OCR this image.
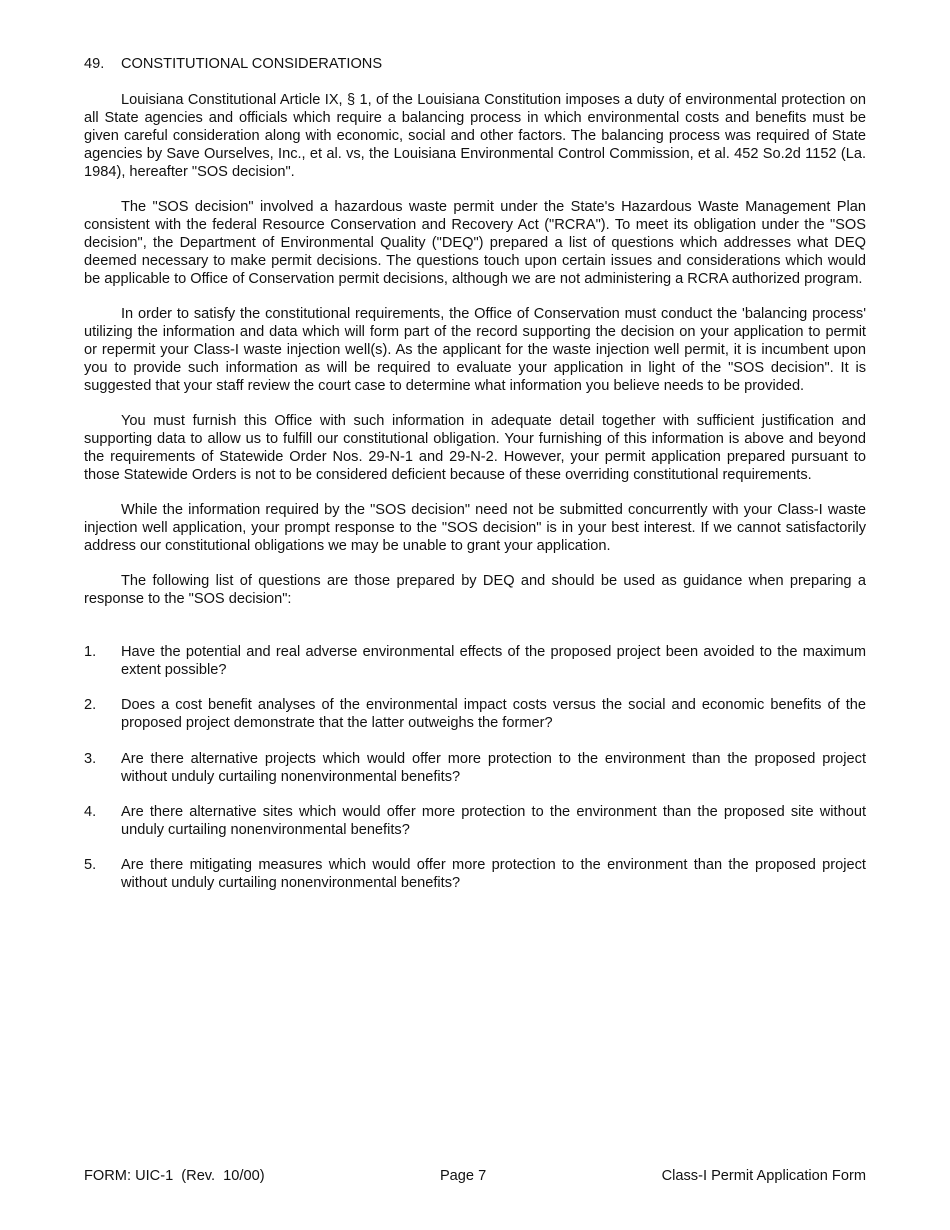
49.	CONSTITUTIONAL CONSIDERATIONS

Louisiana Constitutional Article IX, § 1, of the Louisiana Constitution imposes a duty of environmental protection on all State agencies and officials which require a balancing process in which environmental costs and benefits must be given careful consideration along with economic, social and other factors. The balancing process was required of State agencies by Save Ourselves, Inc., et al. vs, the Louisiana Environmental Control Commission, et al. 452 So.2d 1152 (La. 1984), hereafter "SOS decision".

The "SOS decision" involved a hazardous waste permit under the State's Hazardous Waste Management Plan consistent with the federal Resource Conservation and Recovery Act ("RCRA"). To meet its obligation under the "SOS decision", the Department of Environmental Quality ("DEQ") prepared a list of questions which addresses what DEQ deemed necessary to make permit decisions. The questions touch upon certain issues and considerations which would be applicable to Office of Conservation permit decisions, although we are not administering a RCRA authorized program.

In order to satisfy the constitutional requirements, the Office of Conservation must conduct the 'balancing process' utilizing the information and data which will form part of the record supporting the decision on your application to permit or repermit your Class-I waste injection well(s). As the applicant for the waste injection well permit, it is incumbent upon you to provide such information as will be required to evaluate your application in light of the "SOS decision". It is suggested that your staff review the court case to determine what information you believe needs to be provided.

You must furnish this Office with such information in adequate detail together with sufficient justification and supporting data to allow us to fulfill our constitutional obligation. Your furnishing of this information is above and beyond the requirements of Statewide Order Nos. 29-N-1 and 29-N-2. However, your permit application prepared pursuant to those Statewide Orders is not to be considered deficient because of these overriding constitutional requirements.

While the information required by the "SOS decision" need not be submitted concurrently with your Class-I waste injection well application, your prompt response to the "SOS decision" is in your best interest. If we cannot satisfactorily address our constitutional obligations we may be unable to grant your application.

The following list of questions are those prepared by DEQ and should be used as guidance when preparing a response to the "SOS decision":

1.	Have the potential and real adverse environmental effects of the proposed project been avoided to the maximum extent possible?
2.	Does a cost benefit analyses of the environmental impact costs versus the social and economic benefits of the proposed project demonstrate that the latter outweighs the former?
3.	Are there alternative projects which would offer more protection to the environment than the proposed project without unduly curtailing nonenvironmental benefits?
4.	Are there alternative sites which would offer more protection to the environment than the proposed site without unduly curtailing nonenvironmental benefits?
5.	Are there mitigating measures which would offer more protection to the environment than the proposed project without unduly curtailing nonenvironmental benefits?
FORM: UIC-1  (Rev.  10/00)	Page 7	Class-I Permit Application Form
